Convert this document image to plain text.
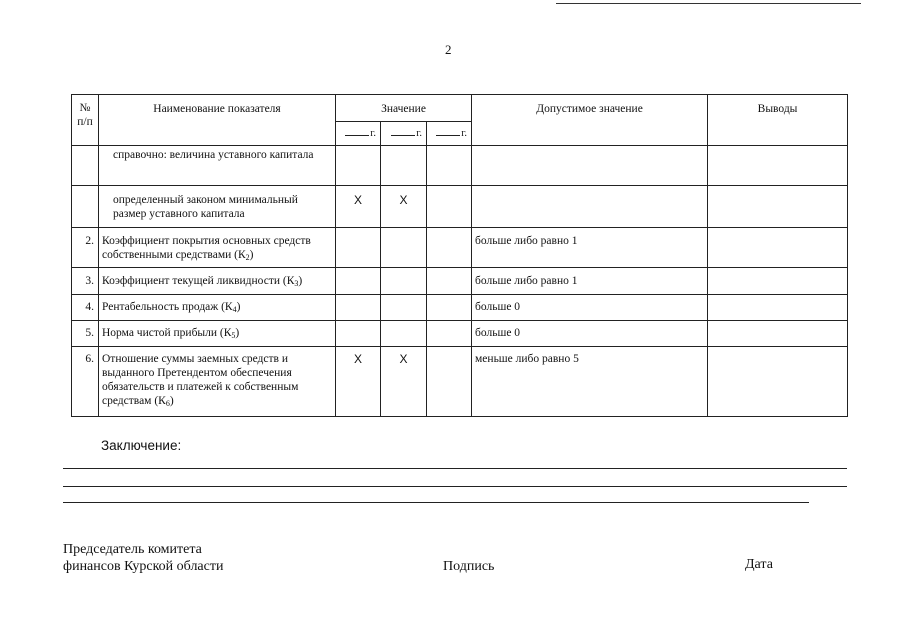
2
№ п/п	Наименование показателя	Значение			Допустимое значение	Выводы
		г.	г.	г.		
	справочно: величина уставного капитала					
	определенный законом минимальный размер уставного капитала	Х	Х			
2.	Коэффициент покрытия основных средств собственными средствами $(К_2)$				больше либо равно 1	
3.	Коэффициент текущей ликвидности $(К_3)$				больше либо равно 1	
4.	Рентабельность продаж $(К_4)$				больше 0	
5.	Норма чистой прибыли $(К_5)$				больше 0	
6.	Отношение суммы заемных средств и выданного Претендентом обеспечения обязательств и платежей к собственным средствам $(К_6)$	Х	Х		меньше либо равно 5	
Заключение:
Председатель комитета
финансов Курской области	Подпись	Дата
